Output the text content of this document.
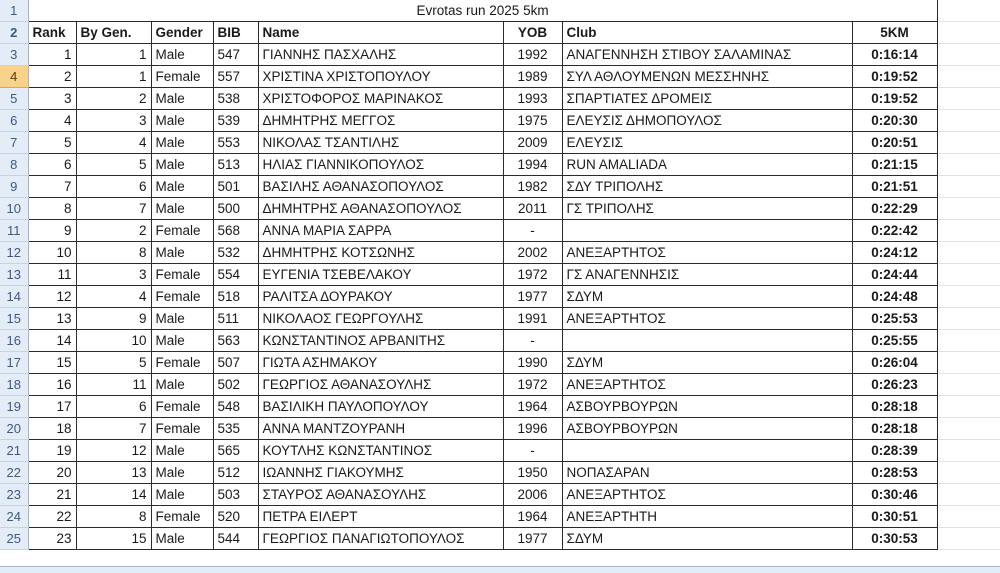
1	Evrotas run 2025 5km								
2	Rank	By Gen.	Gender	BIB	Name	YOB	Club	5KM	
3	1	1	Male	547	ΓΙΑΝΝΗΣ ΠΑΣΧΑΛΗΣ	1992	ΑΝΑΓΕΝΝΗΣΗ ΣΤΙΒΟΥ ΣΑΛΑΜΙΝΑΣ	0:16:14	
4	2	1	Female	557	ΧΡΙΣΤΙΝΑ ΧΡΙΣΤΟΠΟΥΛΟΥ	1989	ΣΥΛ ΑΘΛΟΥΜΕΝΩΝ ΜΕΣΣΗΝΗΣ	0:19:52	
5	3	2	Male	538	ΧΡΙΣΤΟΦΟΡΟΣ ΜΑΡΙΝΑΚΟΣ	1993	ΣΠΑΡΤΙΑΤΕΣ ΔΡΟΜΕΙΣ	0:19:52	
6	4	3	Male	539	ΔΗΜΗΤΡΗΣ ΜΕΓΓΟΣ	1975	ΕΛΕΥΣΙΣ ΔΗΜΟΠΟΥΛΟΣ	0:20:30	
7	5	4	Male	553	ΝΙΚΟΛΑΣ ΤΣΑΝΤΙΛΗΣ	2009	ΕΛΕΥΣΙΣ	0:20:51	
8	6	5	Male	513	ΗΛΙΑΣ ΓΙΑΝΝΙΚΟΠΟΥΛΟΣ	1994	RUN AMALIADA	0:21:15	
9	7	6	Male	501	ΒΑΣΙΛΗΣ ΑΘΑΝΑΣΟΠΟΥΛΟΣ	1982	ΣΔΥ ΤΡΙΠΟΛΗΣ	0:21:51	
10	8	7	Male	500	ΔΗΜΗΤΡΗΣ ΑΘΑΝΑΣΟΠΟΥΛΟΣ	2011	ΓΣ ΤΡΙΠΟΛΗΣ	0:22:29	
11	9	2	Female	568	ΑΝΝΑ ΜΑΡΙΑ ΣΑΡΡΑ	-		0:22:42	
12	10	8	Male	532	ΔΗΜΗΤΡΗΣ ΚΟΤΣΩΝΗΣ	2002	ΑΝΕΞΑΡΤΗΤΟΣ	0:24:12	
13	11	3	Female	554	ΕΥΓΕΝΙΑ ΤΣΕΒΕΛΑΚΟΥ	1972	ΓΣ ΑΝΑΓΕΝΝΗΣΙΣ	0:24:44	
14	12	4	Female	518	ΡΑΛΙΤΣΑ ΔΟΥΡΑΚΟΥ	1977	ΣΔΥΜ	0:24:48	
15	13	9	Male	511	ΝΙΚΟΛΑΟΣ ΓΕΩΡΓΟΥΛΗΣ	1991	ΑΝΕΞΑΡΤΗΤΟΣ	0:25:53	
16	14	10	Male	563	ΚΩΝΣΤΑΝΤΙΝΟΣ ΑΡΒΑΝΙΤΗΣ	-		0:25:55	
17	15	5	Female	507	ΓΙΩΤΑ ΑΣΗΜΑΚΟΥ	1990	ΣΔΥΜ	0:26:04	
18	16	11	Male	502	ΓΕΩΡΓΙΟΣ ΑΘΑΝΑΣΟΥΛΗΣ	1972	ΑΝΕΞΑΡΤΗΤΟΣ	0:26:23	
19	17	6	Female	548	ΒΑΣΙΛΙΚΗ ΠΑΥΛΟΠΟΥΛΟΥ	1964	ΑΣΒΟΥΡΒΟΥΡΩΝ	0:28:18	
20	18	7	Female	535	ΑΝΝΑ ΜΑΝΤΖΟΥΡΑΝΗ	1996	ΑΣΒΟΥΡΒΟΥΡΩΝ	0:28:18	
21	19	12	Male	565	ΚΟΥΤΛΗΣ ΚΩΝΣΤΑΝΤΙΝΟΣ	-		0:28:39	
22	20	13	Male	512	ΙΩΑΝΝΗΣ ΓΙΑΚΟΥΜΗΣ	1950	ΝΟΠΑΣΑΡΑΝ	0:28:53	
23	21	14	Male	503	ΣΤΑΥΡΟΣ ΑΘΑΝΑΣΟΥΛΗΣ	2006	ΑΝΕΞΑΡΤΗΤΟΣ	0:30:46	
24	22	8	Female	520	ΠΕΤΡΑ ΕΙΛΕΡΤ	1964	ΑΝΕΞΑΡΤΗΤΗ	0:30:51	
25	23	15	Male	544	ΓΕΩΡΓΙΟΣ ΠΑΝΑΓΙΩΤΟΠΟΥΛΟΣ	1977	ΣΔΥΜ	0:30:53	
